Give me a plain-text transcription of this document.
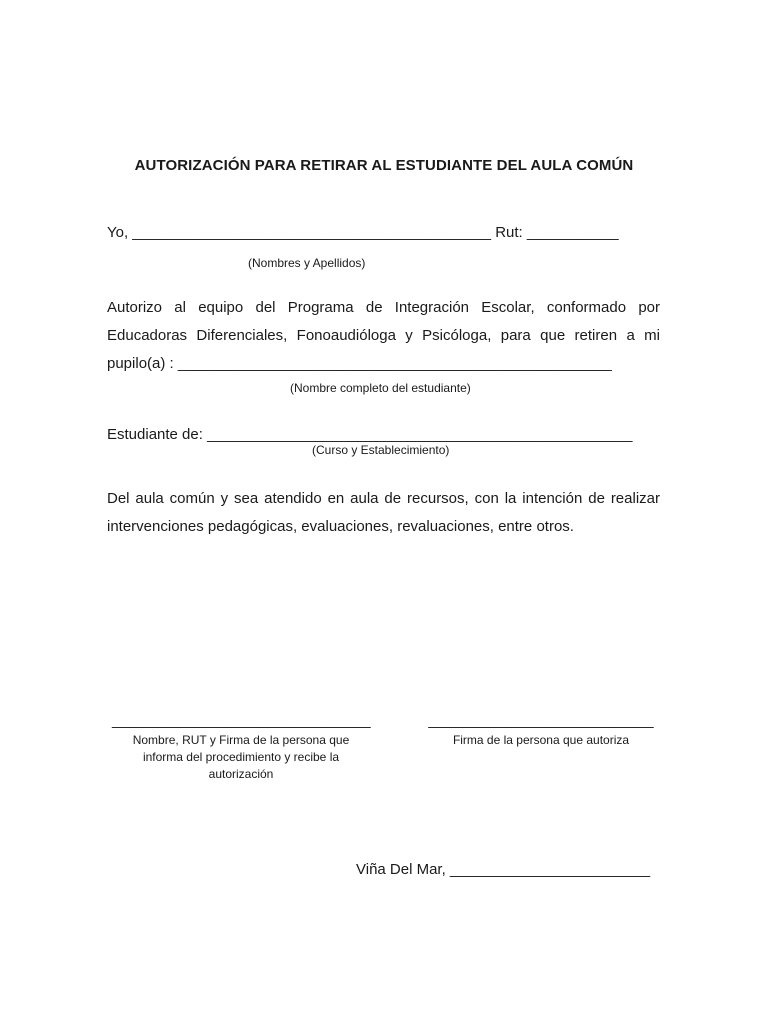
AUTORIZACIÓN PARA RETIRAR AL ESTUDIANTE DEL AULA COMÚN
Yo, ___________________________________________ Rut: ___________
(Nombres y Apellidos)
Autorizo al equipo del Programa de Integración Escolar, conformado por
Educadoras Diferenciales, Fonoaudióloga y Psicóloga, para que retiren a mi
pupilo(a) : ____________________________________________________
(Nombre completo del estudiante)
Estudiante de: ___________________________________________________
(Curso y Establecimiento)
Del aula común y sea atendido en aula de recursos, con la intención de realizar
intervenciones pedagógicas, evaluaciones, revaluaciones, entre otros.
_______________________________
Nombre, RUT y Firma de la persona que informa del procedimiento y recibe la autorización
___________________________
Firma de la persona que autoriza
Viña Del Mar, ________________________
